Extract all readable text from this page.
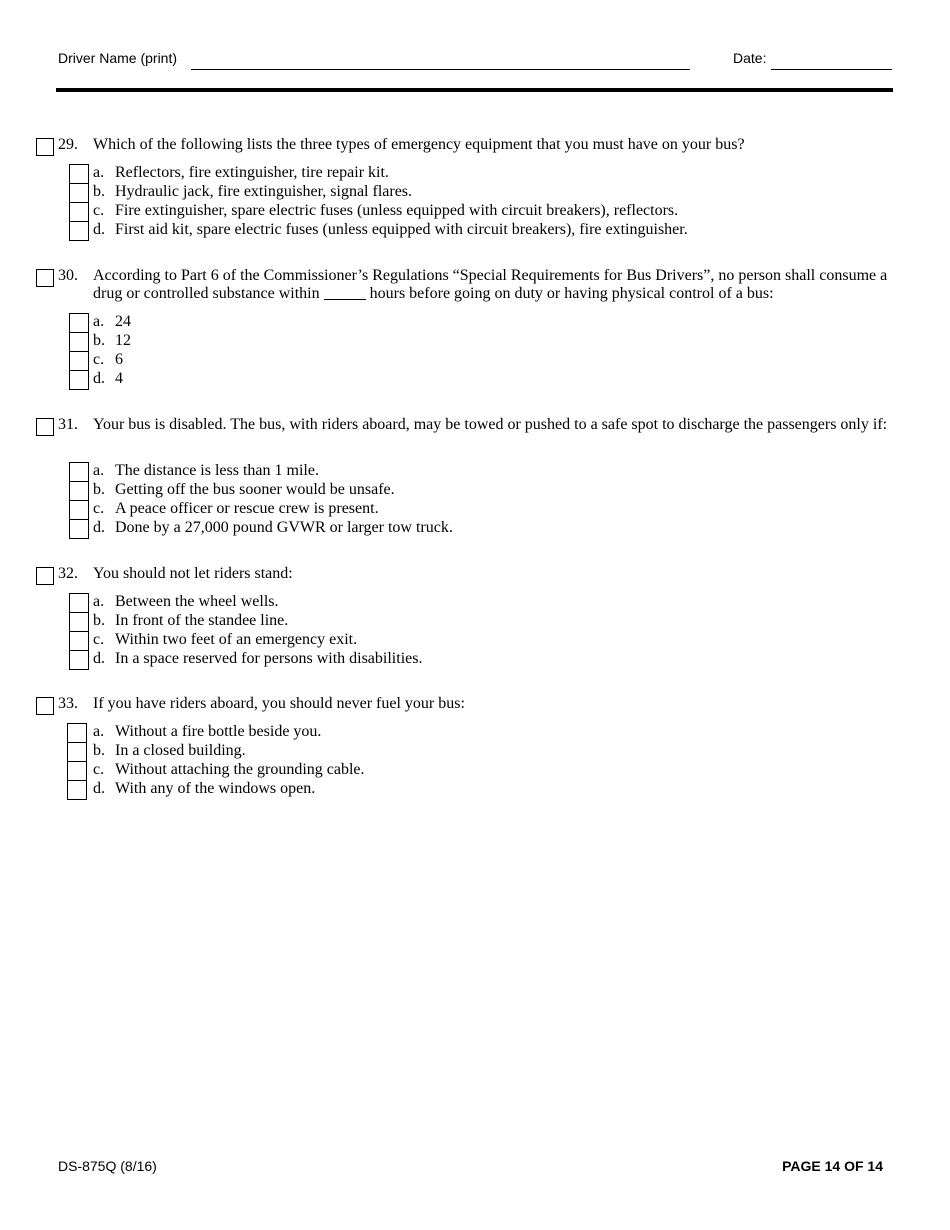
Driver Name (print)	Date:
29. Which of the following lists the three types of emergency equipment that you must have on your bus?
a. Reflectors, fire extinguisher, tire repair kit.
b. Hydraulic jack, fire extinguisher, signal flares.
c. Fire extinguisher, spare electric fuses (unless equipped with circuit breakers), reflectors.
d. First aid kit, spare electric fuses (unless equipped with circuit breakers), fire extinguisher.
30. According to Part 6 of the Commissioner’s Regulations “Special Requirements for Bus Drivers”, no person shall consume a drug or controlled substance within	hours before going on duty or having physical control of a bus:
a. 24
b. 12
c. 6
d. 4
31. Your bus is disabled. The bus, with riders aboard, may be towed or pushed to a safe spot to discharge the passengers only if:
a. The distance is less than 1 mile.
b. Getting off the bus sooner would be unsafe.
c. A peace officer or rescue crew is present.
d. Done by a 27,000 pound GVWR or larger tow truck.
32. You should not let riders stand:
a. Between the wheel wells.
b. In front of the standee line.
c. Within two feet of an emergency exit.
d. In a space reserved for persons with disabilities.
33. If you have riders aboard, you should never fuel your bus:
a. Without a fire bottle beside you.
b. In a closed building.
c. Without attaching the grounding cable.
d. With any of the windows open.
DS-875Q (8/16)	PAGE 14 OF 14
